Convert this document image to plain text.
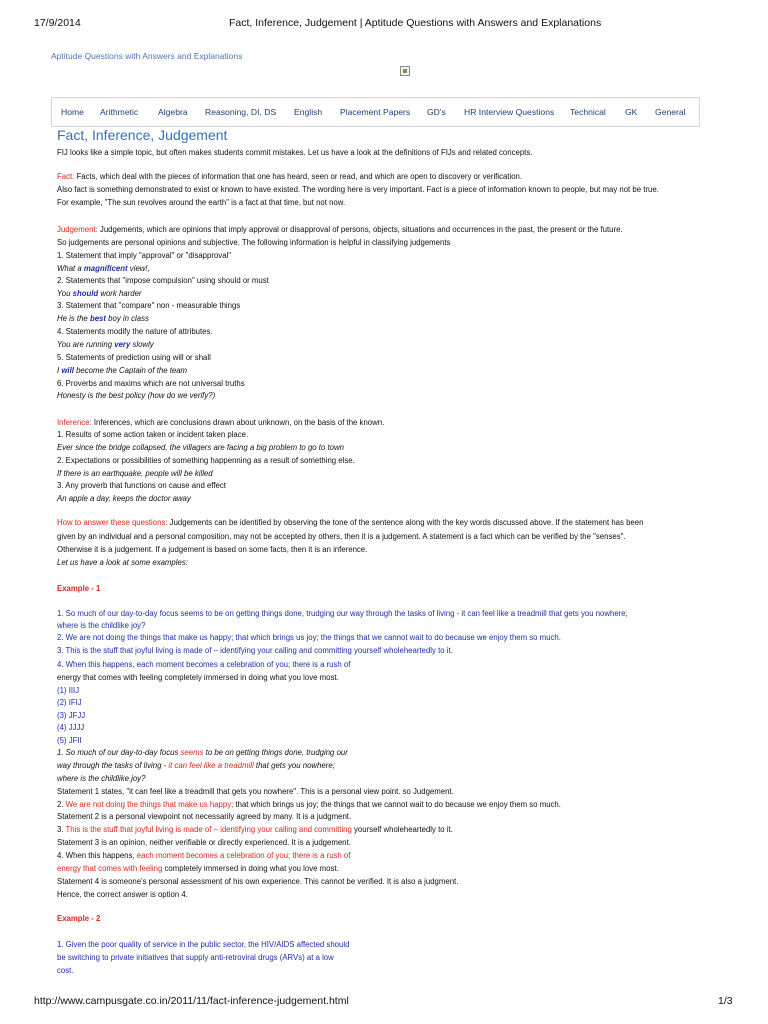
17/9/2014	Fact, Inference, Judgement | Aptitude Questions with Answers and Explanations
Aptitude Questions with Answers and Explanations
Home Arithmetic Algebra Reasoning, DI, DS English Placement Papers GD's HR Interview Questions Technical GK General
Fact, Inference, Judgement
FIJ looks like a simple topic, but often makes students commit mistakes. Let us have a look at the definitions of FIJs and related concepts.
Fact: Facts, which deal with the pieces of information that one has heard, seen or read, and which are open to discovery or verification.
Also fact is something demonstrated to exist or known to have existed. The wording here is very important. Fact is a piece of information known to people, but may not be true.
For example, "The sun revolves around the earth" is a fact at that time, but not now.
Judgement: Judgements, which are opinions that imply approval or disapproval of persons, objects, situations and occurrences in the past, the present or the future.
So judgements are personal opinions and subjective. The following information is helpful in classifying judgements
1. Statement that imply "approval" or "disapproval"
What a magnificent view!,
2. Statements that "impose compulsion" using should or must
You should work harder
3. Statement that "compare" non - measurable things
He is the best boy in class
4. Statements modify the nature of attributes.
You are running very slowly
5. Statements of prediction using will or shall
I will become the Captain of the team
6. Proverbs and maxims which are not universal truths
Honesty is the best policy (how do we verify?)
Inference: Inferences, which are conclusions drawn about unknown, on the basis of the known.
1. Results of some action taken or incident taken place.
Ever since the bridge collapsed, the villagers are facing a big problem to go to town
2. Expectations or possibilities of something happenning as a result of something else.
If there is an earthquake, people will be killed
3. Any proverb that functions on cause and effect
An apple a day, keeps the doctor away
How to answer these questions: Judgements can be identified by observing the tone of the sentence along with the key words discussed above. If the statement has been
given by an individual and a personal composition, may not be accepted by others, then it is a judgement. A statement is a fact which can be verified by the "senses".
Otherwise it is a judgement. If a judgement is based on some facts, then it is an inference.
Let us have a look at some examples:
Example - 1
1. So much of our day-to-day focus seems to be on getting things done, trudging our way through the tasks of living - it can feel like a treadmill that gets you nowhere;
where is the childlike joy?
2. We are not doing the things that make us happy; that which brings us joy; the things that we cannot wait to do because we enjoy them so much.
3. This is the stuff that joyful living is made of – identifying your calling and committing yourself wholeheartedly to it.
4. When this happens, each moment becomes a celebration of you; there is a rush of
energy that comes with feeling completely immersed in doing what you love most.
(1) IIIJ
(2) IFIJ
(3) JFJJ
(4) JJJJ
(5) JFII
1. So much of our day-to-day focus seems to be on getting things done, trudging our
way through the tasks of living - it can feel like a treadmill that gets you nowhere;
where is the childlike joy?
Statement 1 states, "it can feel like a treadmill that gets you nowhere". This is a personal view point. so Judgement.
2. We are not doing the things that make us happy; that which brings us joy; the things that we cannot wait to do because we enjoy them so much.
Statement 2 is a personal viewpoint not necessarily agreed by many. It is a judgment.
3. This is the stuff that joyful living is made of – identifying your calling and committing yourself wholeheartedly to it.
Statement 3 is an opinion, neither verifiable or directly experienced. It is a judgement.
4. When this happens, each moment becomes a celebration of you; there is a rush of
energy that comes with feeling completely immersed in doing what you love most.
Statement 4 is someone's personal assessment of his own experience. This cannot be verified. It is also a judgment.
Hence, the correct answer is option 4.
Example - 2
1. Given the poor quality of service in the public sector, the HIV/AIDS affected should
be switching to private initiatives that supply anti-retroviral drugs (ARVs) at a low
cost.
http://www.campusgate.co.in/2011/11/fact-inference-judgement.html	1/3
